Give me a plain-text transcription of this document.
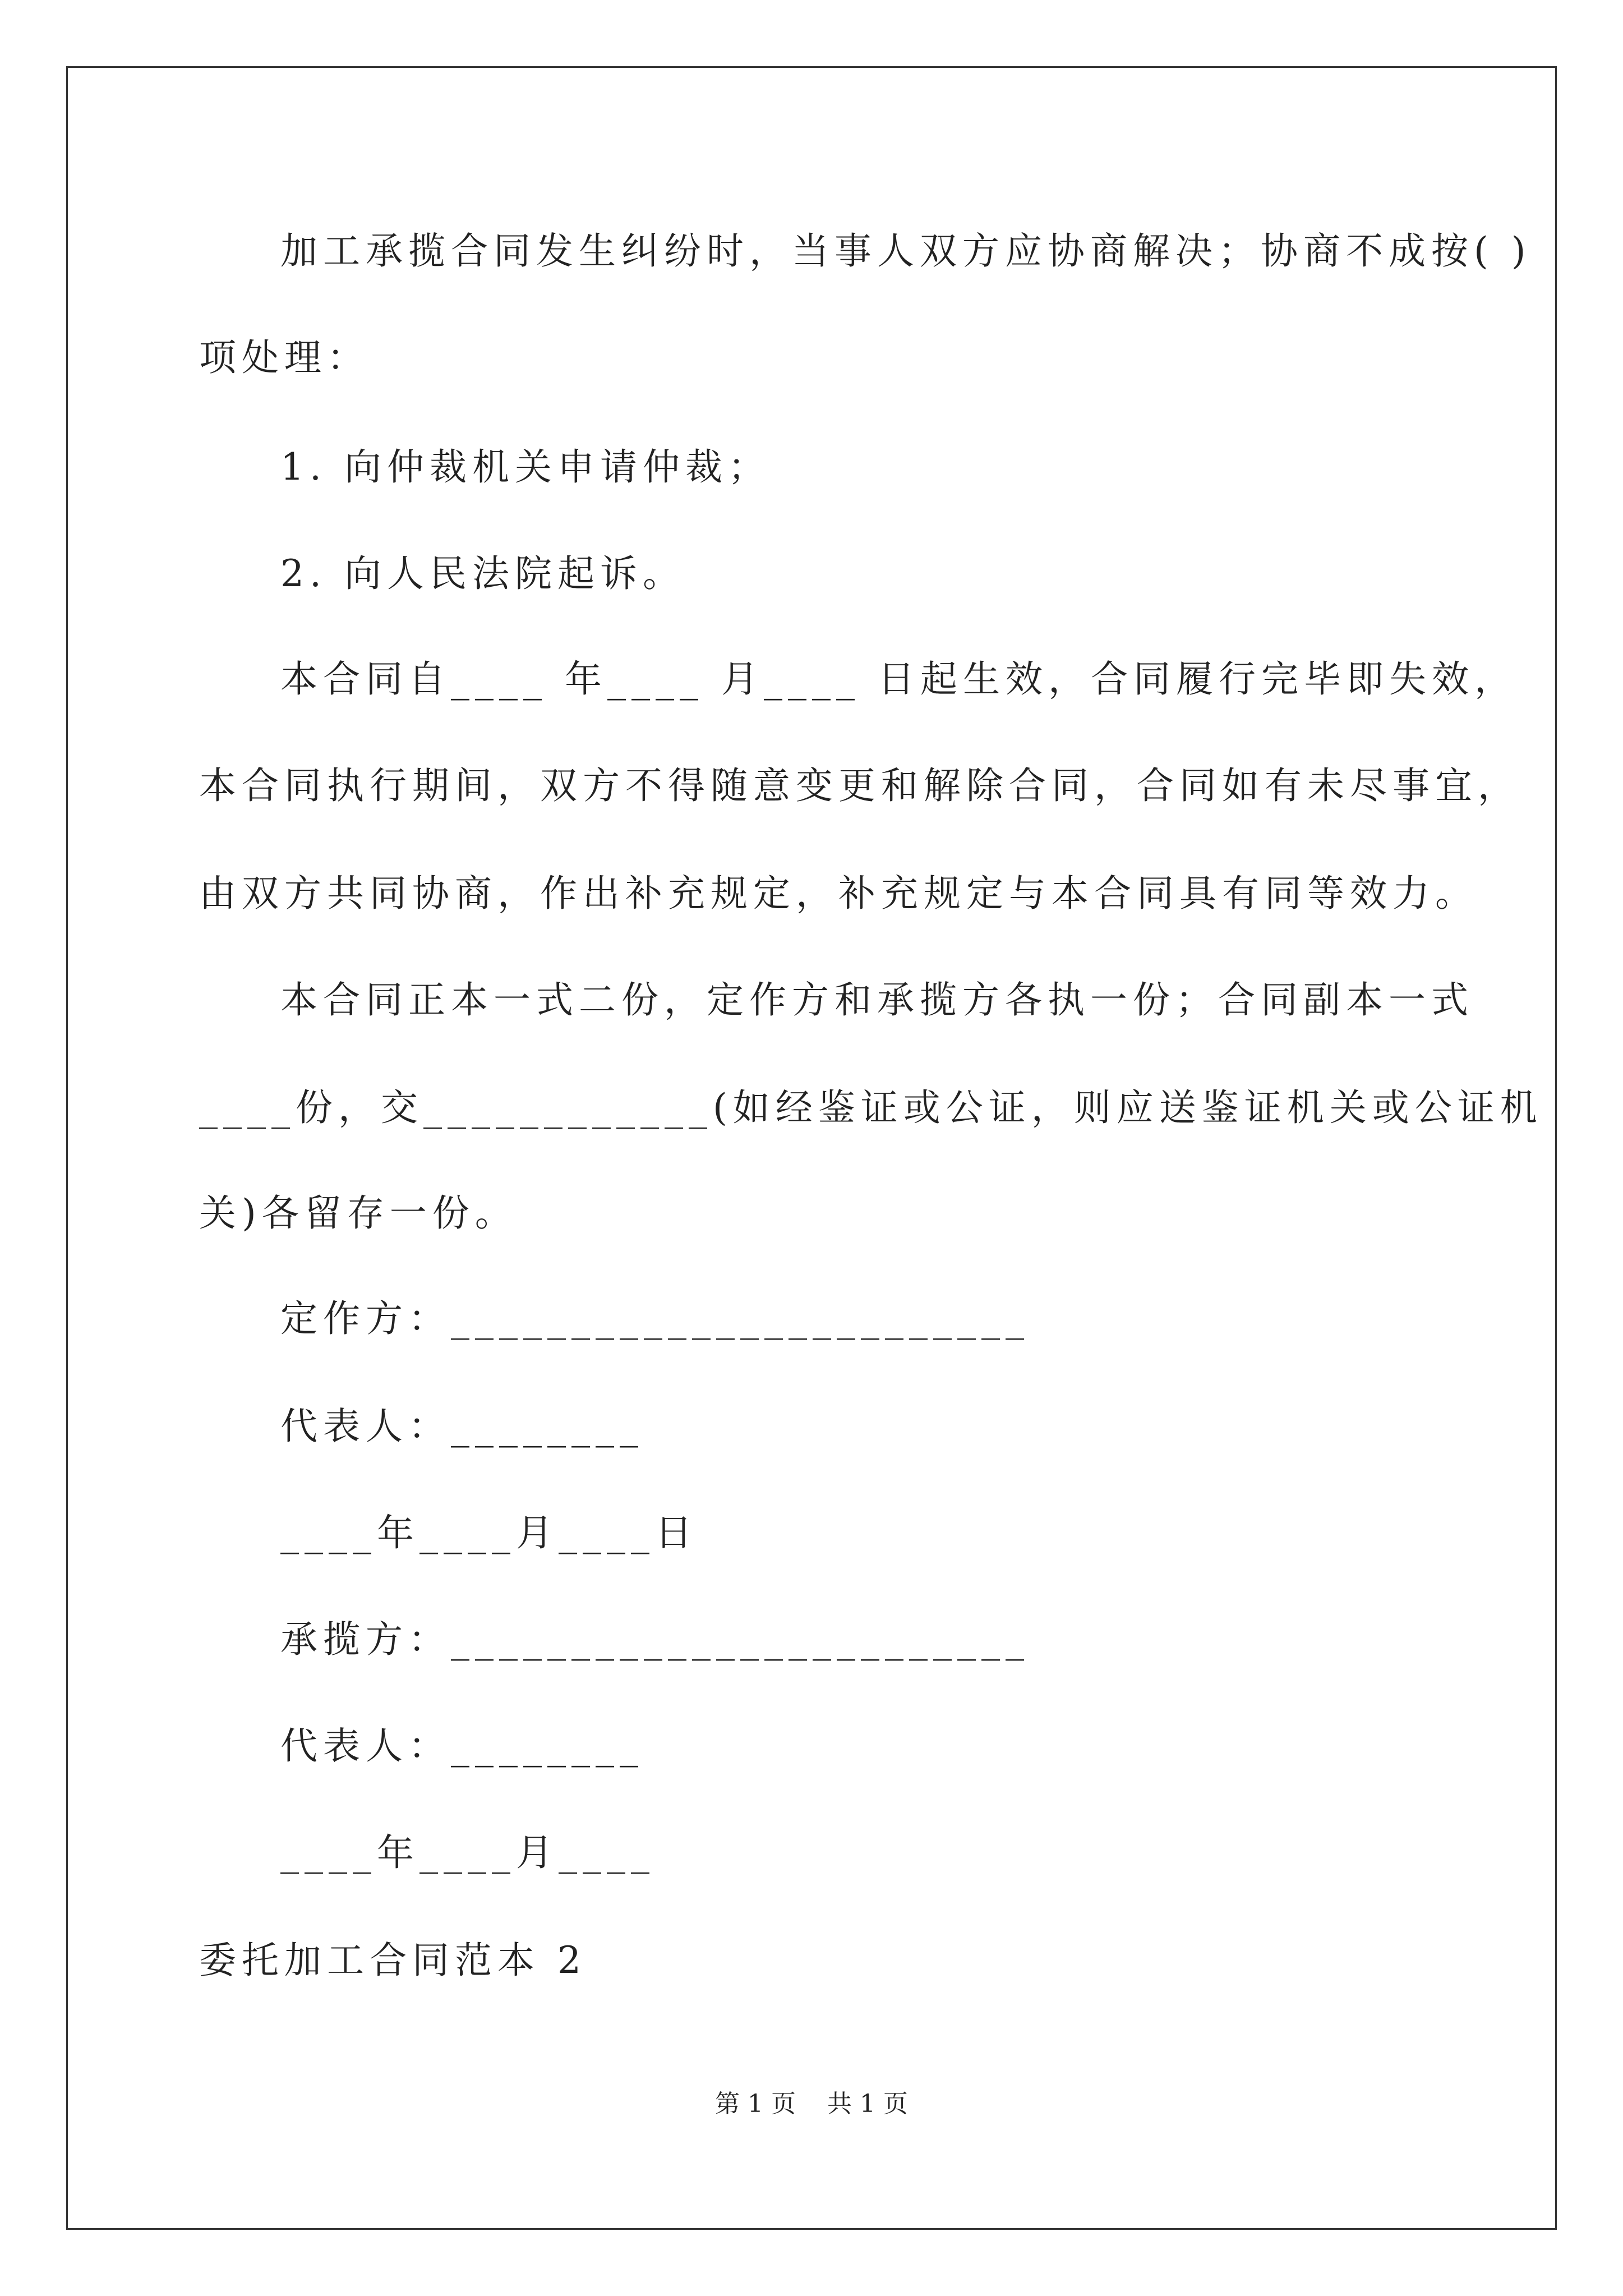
加工承揽合同发生纠纷时，当事人双方应协商解决；协商不成按( )
项处理：
1. 向仲裁机关申请仲裁；
2. 向人民法院起诉。
本合同自____ 年____ 月____ 日起生效，合同履行完毕即失效，
本合同执行期间，双方不得随意变更和解除合同，合同如有未尽事宜，
由双方共同协商，作出补充规定，补充规定与本合同具有同等效力。
本合同正本一式二份，定作方和承揽方各执一份；合同副本一式
____份，交____________(如经鉴证或公证，则应送鉴证机关或公证机
关)各留存一份。
定作方：________________________
代表人：________
____年____月____日
承揽方：________________________
代表人：________
____年____月____
委托加工合同范本 2
第 1 页    共 1 页
